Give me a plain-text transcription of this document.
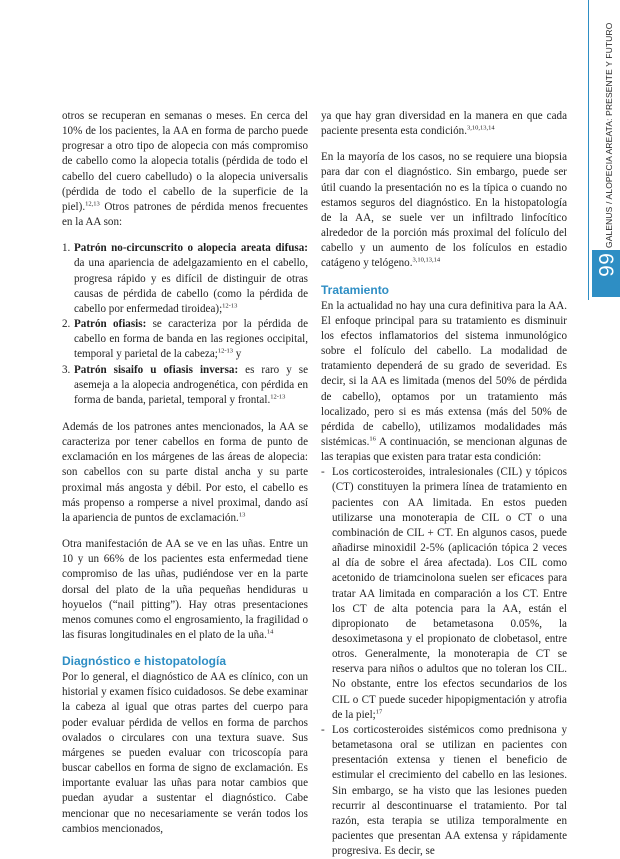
GALENUS / ALOPECIA AREATA: PRESENTE Y FUTURO
66

otros se recuperan en semanas o meses. En cerca del 10% de los pacientes, la AA en forma de parcho puede progresar a otro tipo de alopecia con más compromiso de cabello como la alopecia totalis (pérdida de todo el cabello del cuero cabelludo) o la alopecia universalis (pérdida de todo el cabello de la superficie de la piel).$^{12,13}$ Otros patrones de pérdida menos frecuentes en la AA son:

1. Patrón no-circunscrito o alopecia areata difusa: da una apariencia de adelgazamiento en el cabello, progresa rápido y es difícil de distinguir de otras causas de pérdida de cabello (como la pérdida de cabello por enfermedad tiroidea);$^{12-13}$
2. Patrón ofiasis: se caracteriza por la pérdida de cabello en forma de banda en las regiones occipital, temporal y parietal de la cabeza;$^{12-13}$ y
3. Patrón sisaifo u ofiasis inversa: es raro y se asemeja a la alopecia androgenética, con pérdida en forma de banda, parietal, temporal y frontal.$^{12-13}$

Además de los patrones antes mencionados, la AA se caracteriza por tener cabellos en forma de punto de exclamación en los márgenes de las áreas de alopecia: son cabellos con su parte distal ancha y su parte proximal más angosta y débil. Por esto, el cabello es más propenso a romperse a nivel proximal, dando así la apariencia de puntos de exclamación.$^{13}$

Otra manifestación de AA se ve en las uñas. Entre un 10 y un 66% de los pacientes esta enfermedad tiene compromiso de las uñas, pudiéndose ver en la parte dorsal del plato de la uña pequeñas hendiduras u hoyuelos (“nail pitting”). Hay otras presentaciones menos comunes como el engrosamiento, la fragilidad o las fisuras longitudinales en el plato de la uña.$^{14}$

Diagnóstico e histopatología

Por lo general, el diagnóstico de AA es clínico, con un historial y examen físico cuidadosos. Se debe examinar la cabeza al igual que otras partes del cuerpo para poder evaluar pérdida de vellos en forma de parchos ovalados o circulares con una textura suave. Sus márgenes se pueden evaluar con tricoscopía para buscar cabellos en forma de signo de exclamación. Es importante evaluar las uñas para notar cambios que puedan ayudar a sustentar el diagnóstico. Cabe mencionar que no necesariamente se verán todos los cambios mencionados,

ya que hay gran diversidad en la manera en que cada paciente presenta esta condición.$^{3,10,13,14}$

En la mayoría de los casos, no se requiere una biopsia para dar con el diagnóstico. Sin embargo, puede ser útil cuando la presentación no es la típica o cuando no estamos seguros del diagnóstico. En la histopatología de la AA, se suele ver un infiltrado linfocítico alrededor de la porción más proximal del folículo del cabello y un aumento de los folículos en estadio catágeno y telógeno.$^{3,10,13,14}$

Tratamiento

En la actualidad no hay una cura definitiva para la AA. El enfoque principal para su tratamiento es disminuir los efectos inflamatorios del sistema inmunológico sobre el folículo del cabello. La modalidad de tratamiento dependerá de su grado de severidad. Es decir, si la AA es limitada (menos del 50% de pérdida de cabello), optamos por un tratamiento más localizado, pero si es más extensa (más del 50% de pérdida de cabello), utilizamos modalidades más sistémicas.$^{16}$ A continuación, se mencionan algunas de las terapias que existen para tratar esta condición:

- Los corticosteroides, intralesionales (CIL) y tópicos (CT) constituyen la primera línea de tratamiento en pacientes con AA limitada. En estos pueden utilizarse una monoterapia de CIL o CT o una combinación de CIL + CT. En algunos casos, puede añadirse minoxidil 2-5% (aplicación tópica 2 veces al día de sobre el área afectada). Los CIL como acetonido de triamcinolona suelen ser eficaces para tratar AA limitada en comparación a los CT. Entre los CT de alta potencia para la AA, están el dipropionato de betametasona 0.05%, la desoximetasona y el propionato de clobetasol, entre otros. Generalmente, la monoterapia de CT se reserva para niños o adultos que no toleran los CIL. No obstante, entre los efectos secundarios de los CIL o CT puede suceder hipopigmentación y atrofia de la piel;$^{17}$
- Los corticosteroides sistémicos como prednisona y betametasona oral se utilizan en pacientes con presentación extensa y tienen el beneficio de estimular el crecimiento del cabello en las lesiones. Sin embargo, se ha visto que las lesiones pueden recurrir al descontinuarse el tratamiento. Por tal razón, esta terapia se utiliza temporalmente en pacientes que presentan AA extensa y rápidamente progresiva. Es decir, se
